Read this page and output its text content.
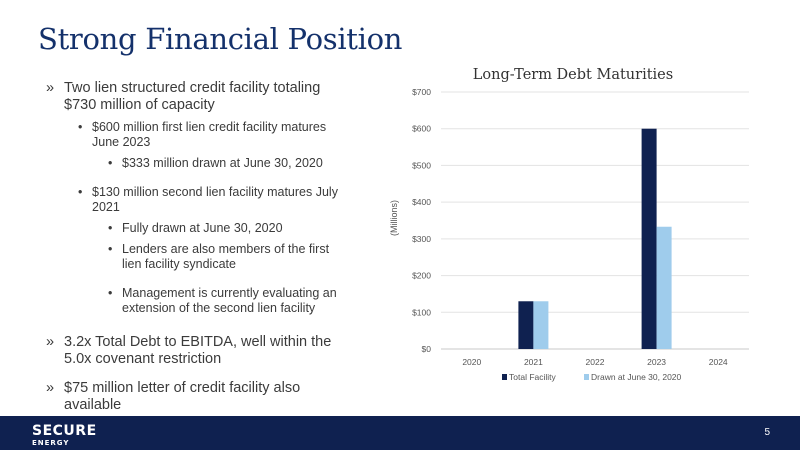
Strong Financial Position
» Two lien structured credit facility totaling $730 million of capacity
• $600 million first lien credit facility matures June 2023
• $333 million drawn at June 30, 2020
• $130 million second lien facility matures July 2021
• Fully drawn at June 30, 2020
• Lenders are also members of the first lien facility syndicate
• Management is currently evaluating an extension of the second lien facility
» 3.2x Total Debt to EBITDA, well within the 5.0x covenant restriction
» $75 million letter of credit facility also available
Long-Term Debt Maturities
(Millions)
$0
$100
$200
$300
$400
$500
$600
$700
2020	2021	2022	2023	2024
Total Facility	Drawn at June 30, 2020
SECURE
ENERGY
5
